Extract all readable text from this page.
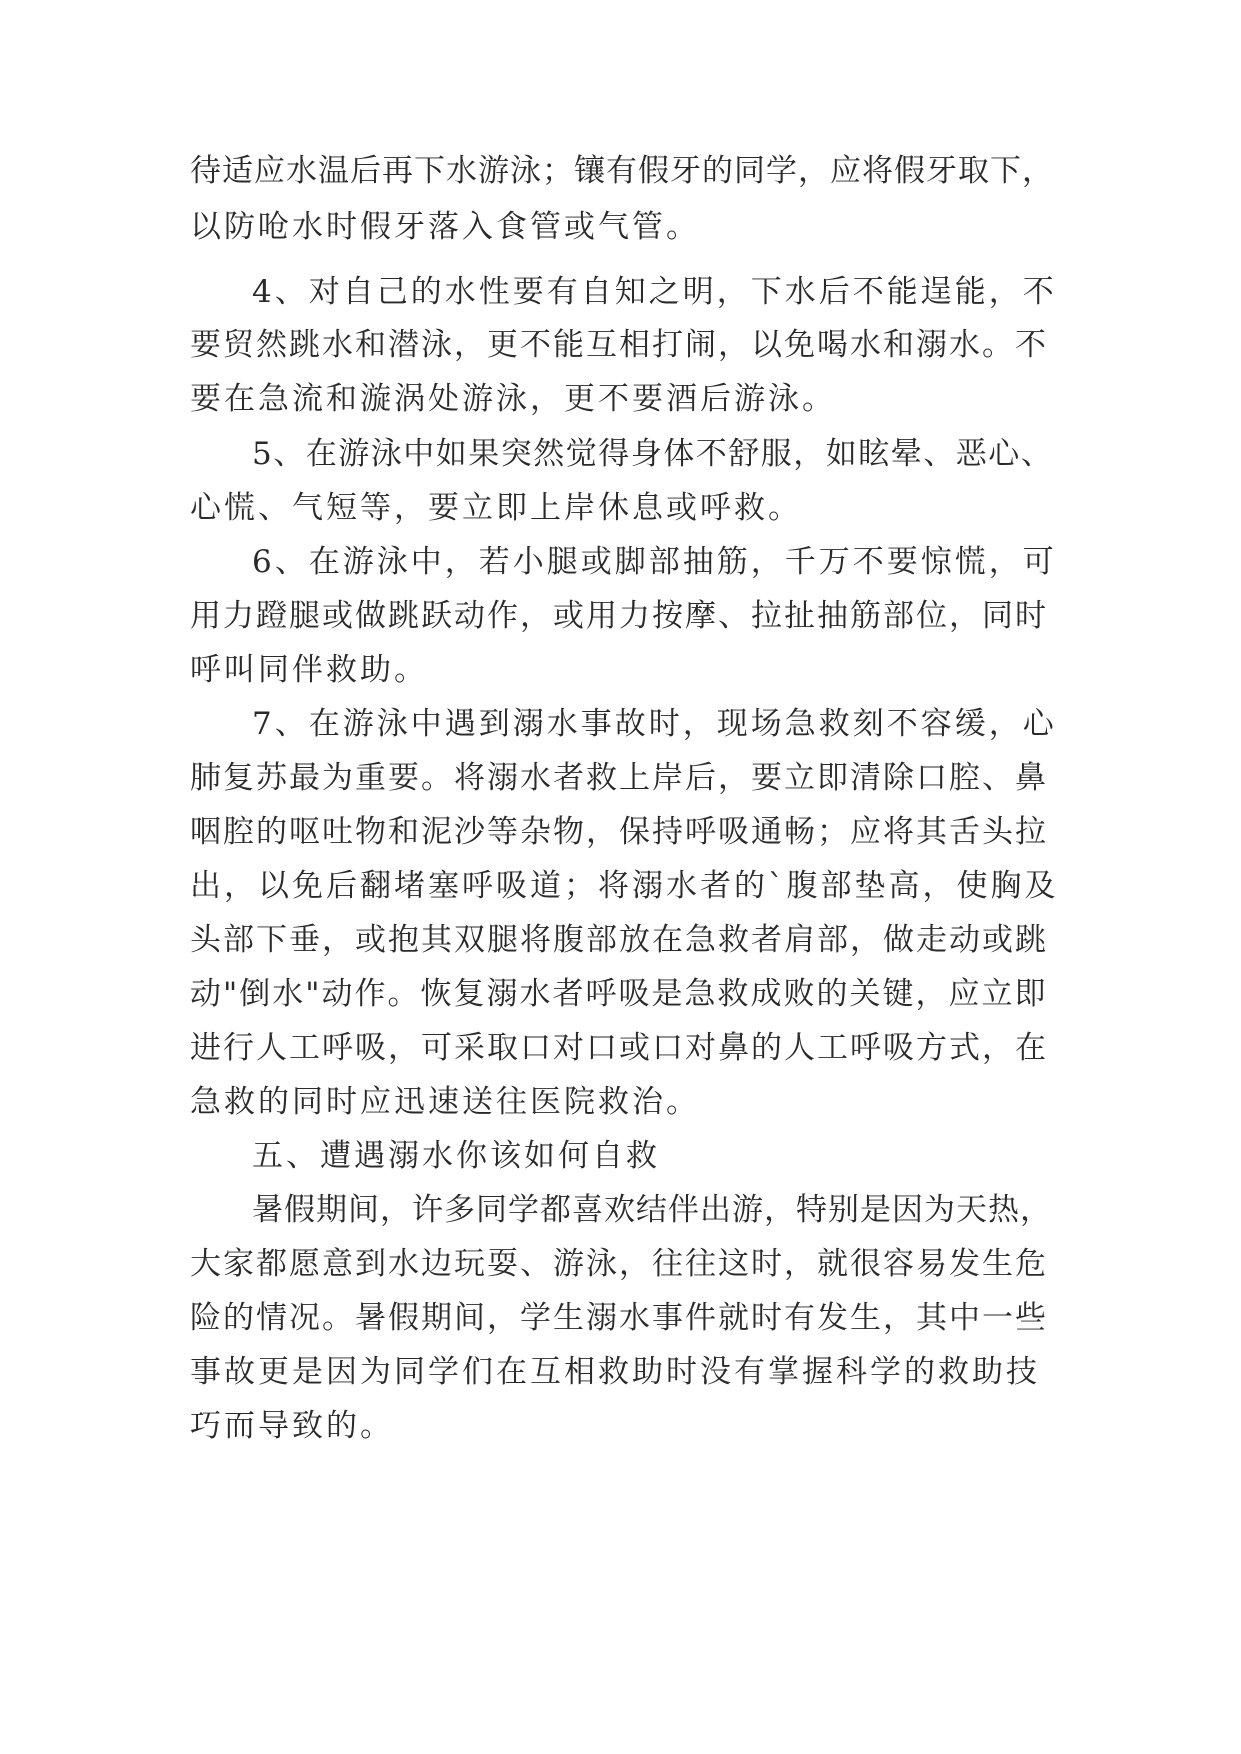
待适应水温后再下水游泳；镶有假牙的同学，应将假牙取下，
以防呛水时假牙落入食管或气管。
4、对自己的水性要有自知之明，下水后不能逞能，不
要贸然跳水和潜泳，更不能互相打闹，以免喝水和溺水。不
要在急流和漩涡处游泳，更不要酒后游泳。
5、在游泳中如果突然觉得身体不舒服，如眩晕、恶心、
心慌、气短等，要立即上岸休息或呼救。
6、在游泳中，若小腿或脚部抽筋，千万不要惊慌，可
用力蹬腿或做跳跃动作，或用力按摩、拉扯抽筋部位，同时
呼叫同伴救助。
7、在游泳中遇到溺水事故时，现场急救刻不容缓，心
肺复苏最为重要。将溺水者救上岸后，要立即清除口腔、鼻
咽腔的呕吐物和泥沙等杂物，保持呼吸通畅；应将其舌头拉
出，以免后翻堵塞呼吸道；将溺水者的`腹部垫高，使胸及
头部下垂，或抱其双腿将腹部放在急救者肩部，做走动或跳
动"倒水"动作。恢复溺水者呼吸是急救成败的关键，应立即
进行人工呼吸，可采取口对口或口对鼻的人工呼吸方式，在
急救的同时应迅速送往医院救治。
五、遭遇溺水你该如何自救
暑假期间，许多同学都喜欢结伴出游，特别是因为天热，
大家都愿意到水边玩耍、游泳，往往这时，就很容易发生危
险的情况。暑假期间，学生溺水事件就时有发生，其中一些
事故更是因为同学们在互相救助时没有掌握科学的救助技
巧而导致的。
